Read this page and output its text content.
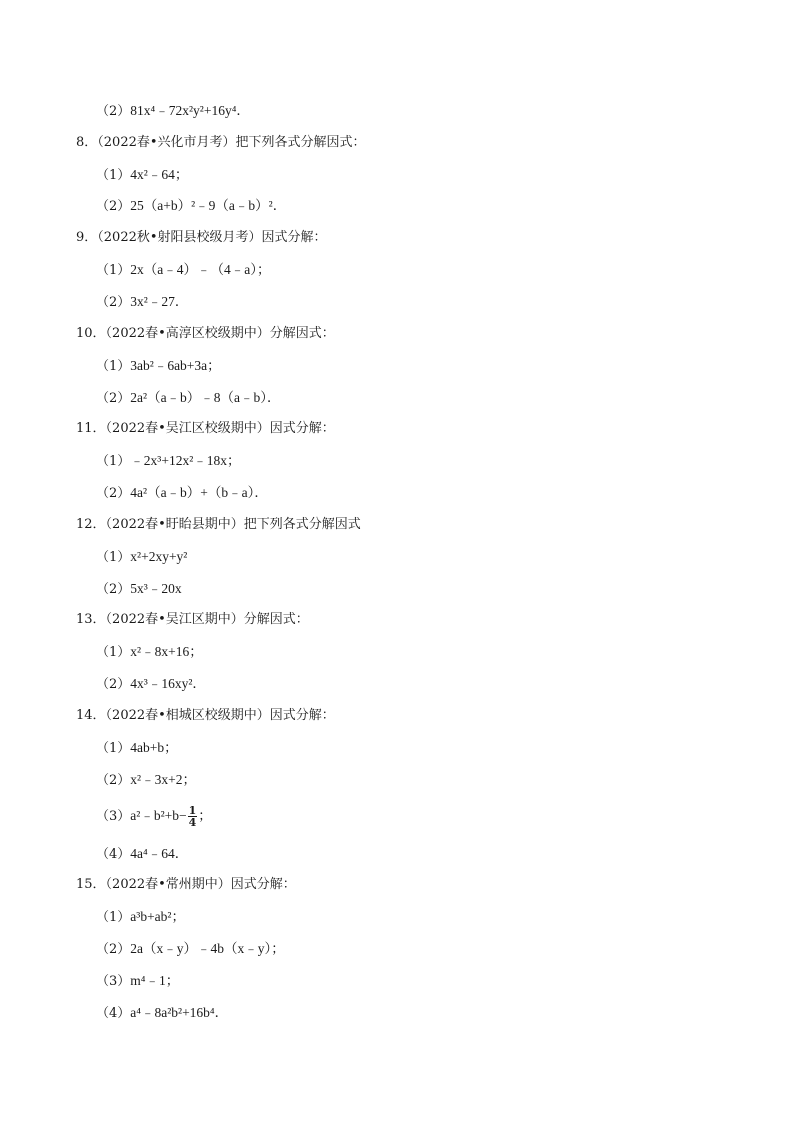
（2）81x⁴﹣72x²y²+16y⁴．
8．（2022春•兴化市月考）把下列各式分解因式：
（1）4x²﹣64；
（2）25（a+b）²﹣9（a﹣b）²．
9．（2022秋•射阳县校级月考）因式分解：
（1）2x（a﹣4）﹣（4﹣a）；
（2）3x²﹣27．
10．（2022春•高淳区校级期中）分解因式：
（1）3ab²﹣6ab+3a；
（2）2a²（a﹣b）﹣8（a﹣b）．
11．（2022春•吴江区校级期中）因式分解：
（1）﹣2x³+12x²﹣18x；
（2）4a²（a﹣b）+（b﹣a）．
12．（2022春•盱眙县期中）把下列各式分解因式
（1）x²+2xy+y²
（2）5x³﹣20x
13．（2022春•吴江区期中）分解因式：
（1）x²﹣8x+16；
（2）4x³﹣16xy²．
14．（2022春•相城区校级期中）因式分解：
（1）4ab+b；
（2）x²﹣3x+2；
（3）a²﹣b²+b− $\frac{1}{4}$ ；
（4）4a⁴﹣64．
15．（2022春•常州期中）因式分解：
（1）a³b+ab²；
（2）2a（x﹣y）﹣4b（x﹣y）；
（3）m⁴﹣1；
（4）a⁴﹣8a²b²+16b⁴．
